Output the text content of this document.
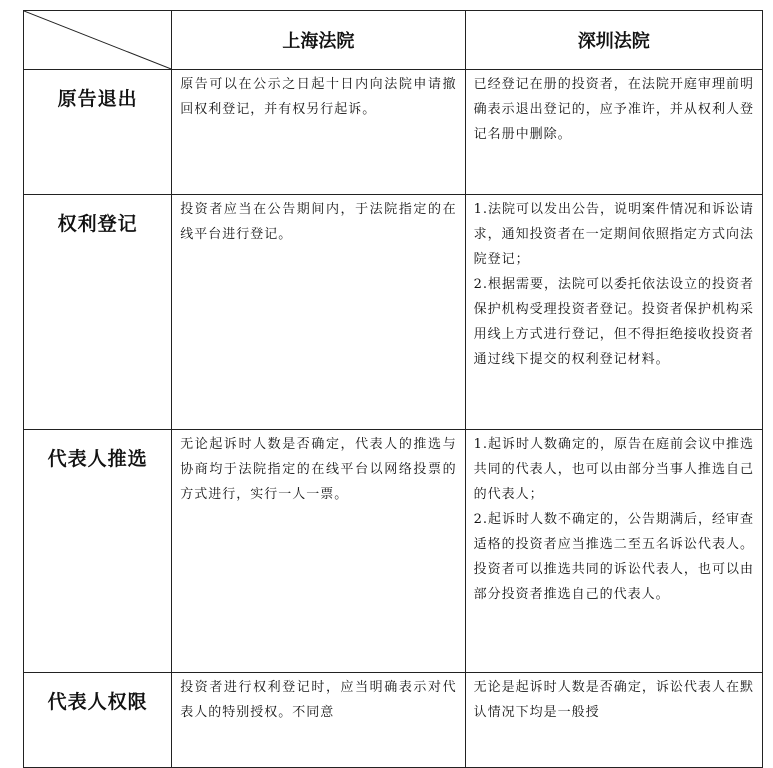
	上海法院	深圳法院
原告退出	原告可以在公示之日起十日内向法院申请撤回权利登记，并有权另行起诉。	已经登记在册的投资者，在法院开庭审理前明确表示退出登记的，应予准许，并从权利人登记名册中删除。

权利登记	投资者应当在公告期间内，于法院指定的在线平台进行登记。	1.法院可以发出公告，说明案件情况和诉讼请求，通知投资者在一定期间依照指定方式向法院登记；
2.根据需要，法院可以委托依法设立的投资者保护机构受理投资者登记。投资者保护机构采用线上方式进行登记，但不得拒绝接收投资者通过线下提交的权利登记材料。

代表人推选	无论起诉时人数是否确定，代表人的推选与协商均于法院指定的在线平台以网络投票的方式进行，实行一人一票。	1.起诉时人数确定的，原告在庭前会议中推选共同的代表人，也可以由部分当事人推选自己的代表人；
2.起诉时人数不确定的，公告期满后，经审查适格的投资者应当推选二至五名诉讼代表人。投资者可以推选共同的诉讼代表人，也可以由部分投资者推选自己的代表人。

代表人权限	投资者进行权利登记时，应当明确表示对代表人的特别授权。不同意	无论是起诉时人数是否确定，诉讼代表人在默认情况下均是一般授
